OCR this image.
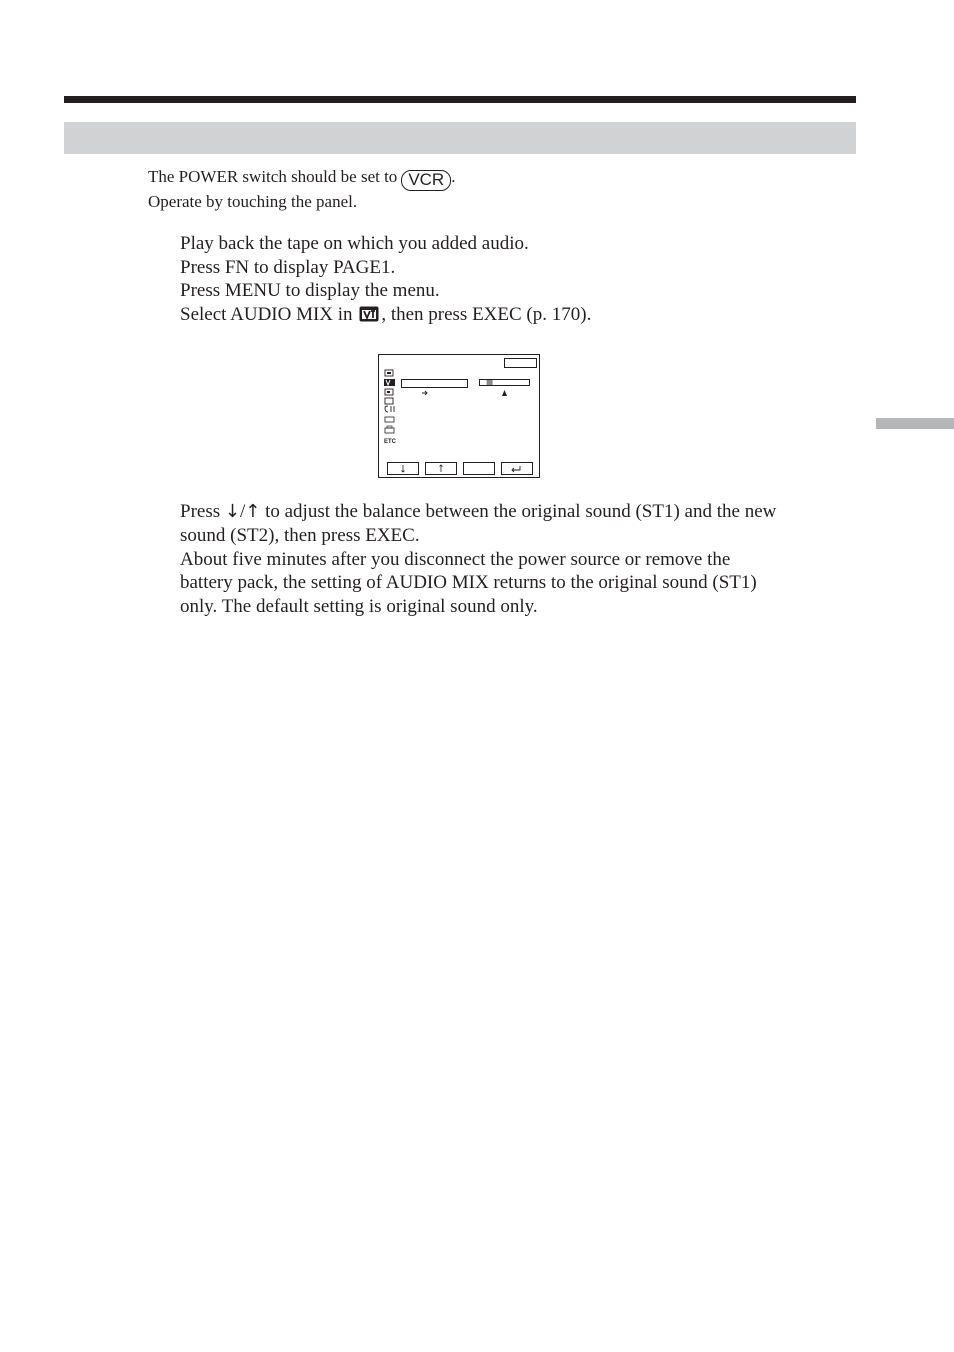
The POWER switch should be set to VCR .
Operate by touching the panel.
Play back the tape on which you added audio.
Press FN to display PAGE1.
Press MENU to display the menu.
Select AUDIO MIX in , then press EXEC (p. 170).
ETC
Press ↓/↑ to adjust the balance between the original sound (ST1) and the new
sound (ST2), then press EXEC.
About five minutes after you disconnect the power source or remove the
battery pack, the setting of AUDIO MIX returns to the original sound (ST1)
only. The default setting is original sound only.
